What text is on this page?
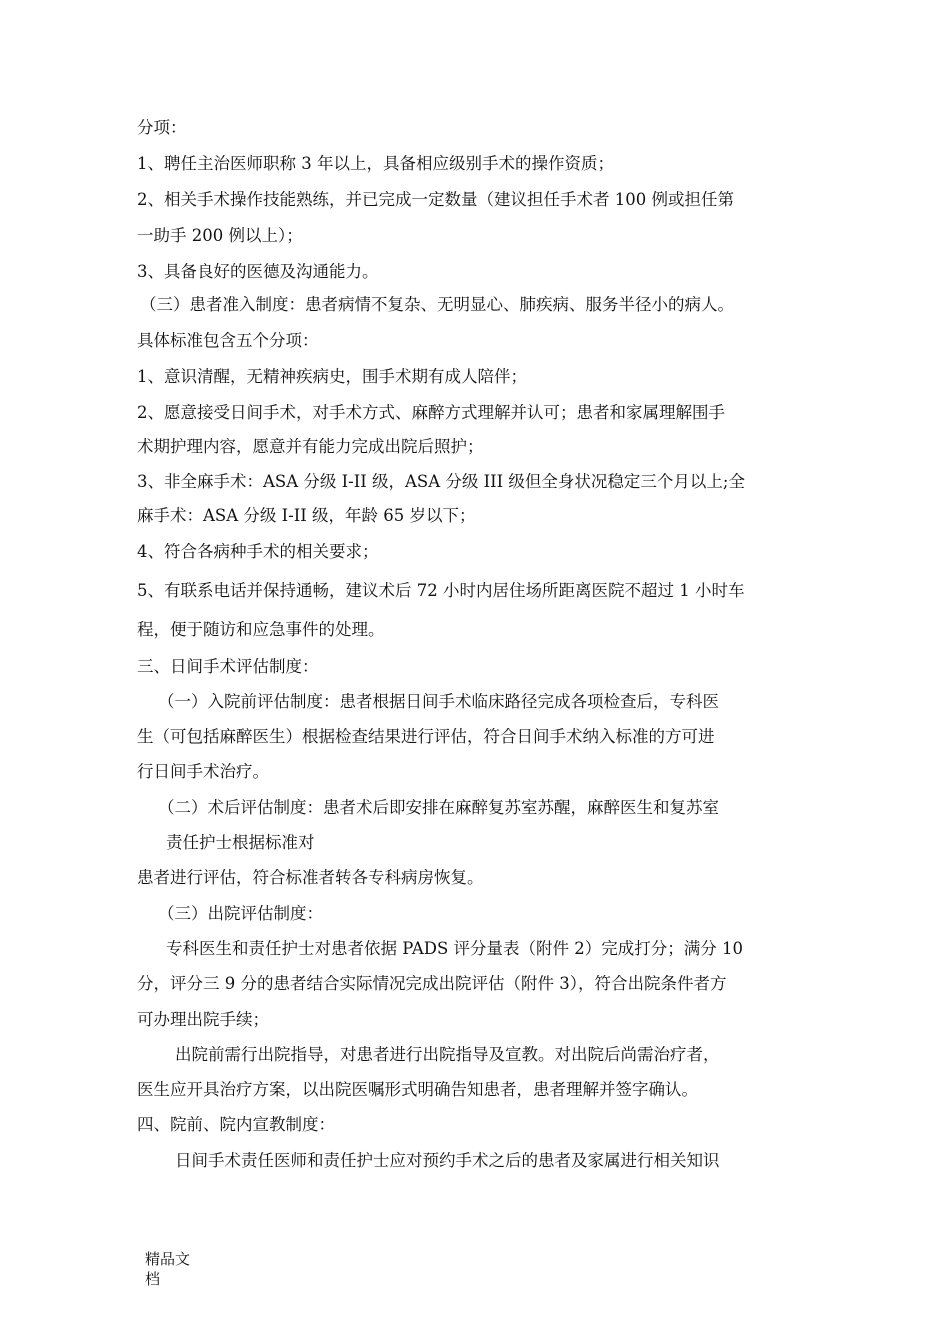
分项：
1、聘任主治医师职称 3 年以上，具备相应级别手术的操作资质；
2、相关手术操作技能熟练，并已完成一定数量（建议担任手术者 100 例或担任第
一助手 200 例以上）；
3、具备良好的医德及沟通能力。
（三）患者准入制度：患者病情不复杂、无明显心、肺疾病、服务半径小的病人。
具体标准包含五个分项：
1、意识清醒，无精神疾病史，围手术期有成人陪伴；
2、愿意接受日间手术，对手术方式、麻醉方式理解并认可；患者和家属理解围手
术期护理内容，愿意并有能力完成出院后照护；
3、非全麻手术：ASA 分级 I-II 级，ASA 分级 III 级但全身状况稳定三个月以上;全
麻手术：ASA 分级 I-II 级，年龄 65 岁以下；
4、符合各病种手术的相关要求；
5、有联系电话并保持通畅，建议术后 72 小时内居住场所距离医院不超过 1 小时车
程，便于随访和应急事件的处理。
三、日间手术评估制度：
（一）入院前评估制度：患者根据日间手术临床路径完成各项检查后，专科医
生（可包括麻醉医生）根据检查结果进行评估，符合日间手术纳入标准的方可进
行日间手术治疗。
（二）术后评估制度：患者术后即安排在麻醉复苏室苏醒，麻醉医生和复苏室
责任护士根据标准对
患者进行评估，符合标准者转各专科病房恢复。
（三）出院评估制度：
专科医生和责任护士对患者依据 PADS 评分量表（附件 2）完成打分；满分 10
分，评分三 9 分的患者结合实际情况完成出院评估（附件 3），符合出院条件者方
可办理出院手续；
出院前需行出院指导，对患者进行出院指导及宣教。对出院后尚需治疗者，
医生应开具治疗方案，以出院医嘱形式明确告知患者，患者理解并签字确认。
四、院前、院内宣教制度：
日间手术责任医师和责任护士应对预约手术之后的患者及家属进行相关知识
精品文
档
